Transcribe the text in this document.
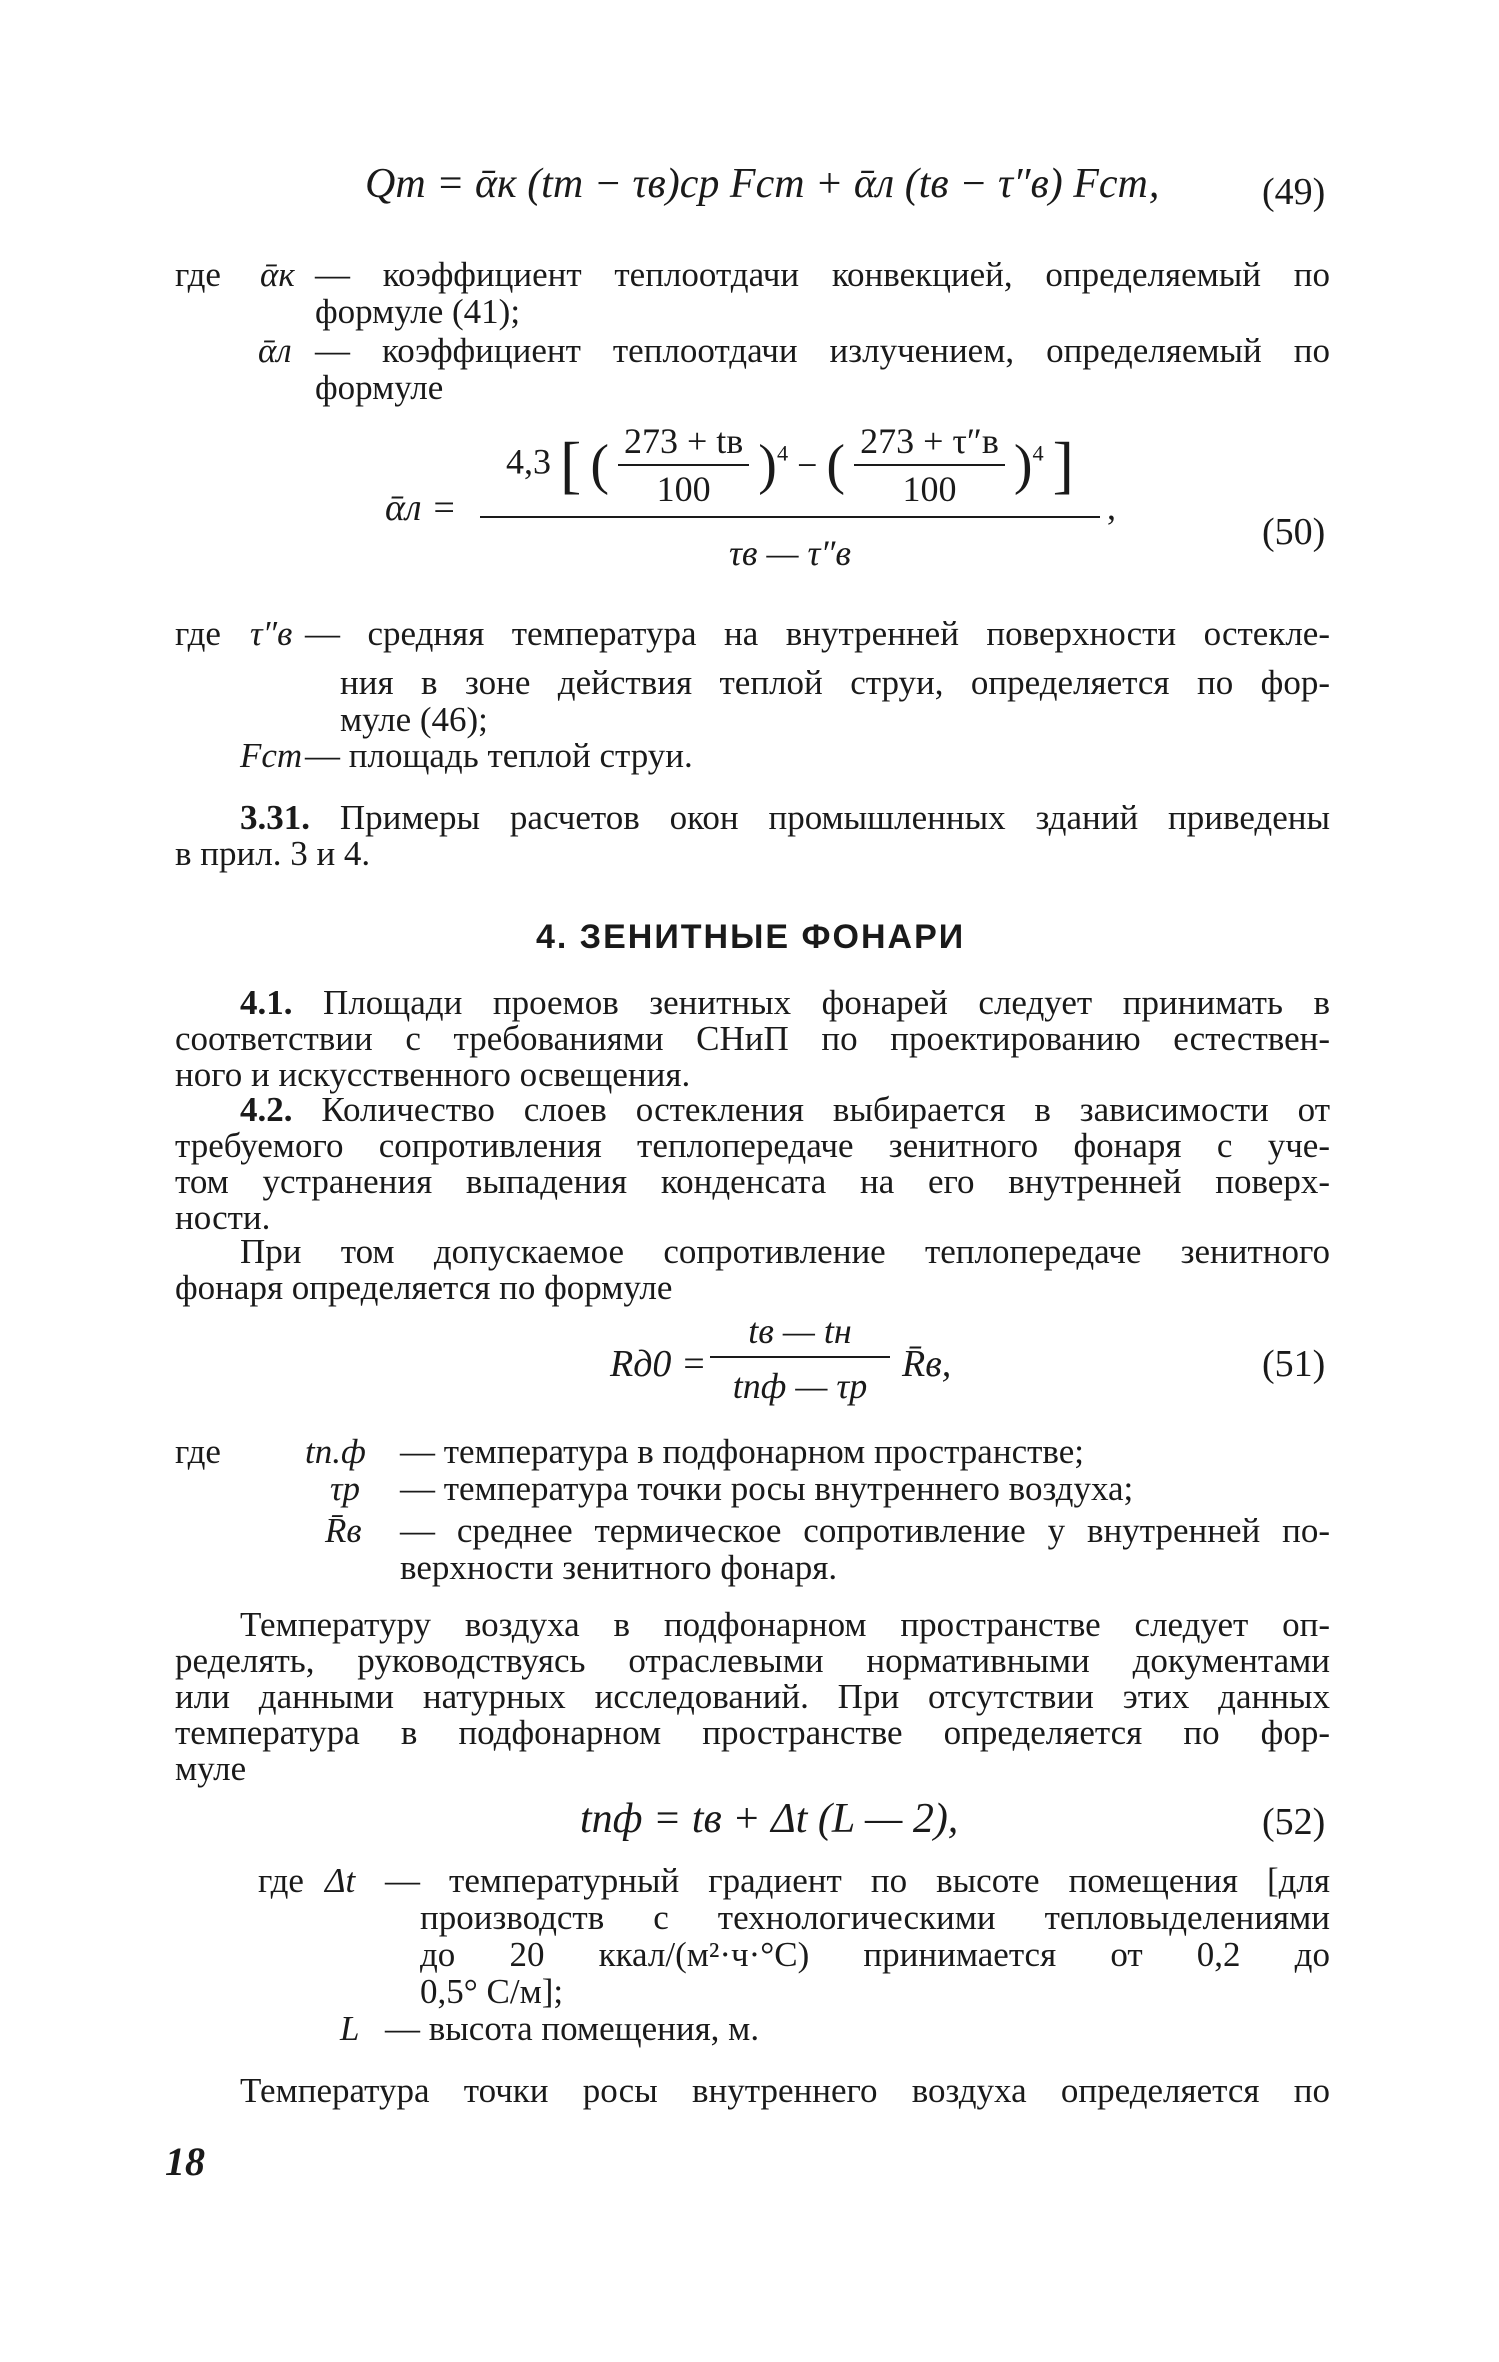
Qт = ᾱк (tm − τв)ср Fст + ᾱл (tв − τ″в) Fст,	(49)
где ᾱк — коэффициент теплоотдачи конвекцией, определяемый по
формуле (41);
ᾱл — коэффициент теплоотдачи излучением, определяемый по
формуле
ᾱл =
4,3 [ ( $\frac{273 + tв}{100} )^4$ − ( $\frac{273 + \tau''в}{100} )^4$ ]
τв — τ″в
,
(50)
где τ″в — средняя температура на внутренней поверхности остекле-
ния в зоне действия теплой струи, определяется по фор-
муле (46);
Fст — площадь теплой струи.
3.31. Примеры расчетов окон промышленных зданий приведены
в прил. 3 и 4.
4. ЗЕНИТНЫЕ ФОНАРИ
4.1. Площади проемов зенитных фонарей следует принимать в
соответствии с требованиями СНиП по проектированию естествен-
ного и искусственного освещения.
4.2. Количество слоев остекления выбирается в зависимости от
требуемого сопротивления теплопередаче зенитного фонаря с уче-
том устранения выпадения конденсата на его внутренней поверх-
ности.
При том допускаемое сопротивление теплопередаче зенитного
фонаря определяется по формуле
Rд0 =
tв — tн
tпф — τр
R̄в,	(51)
где tп.ф — температура в подфонарном пространстве;
τр — температура точки росы внутреннего воздуха;
R̄в — среднее термическое сопротивление у внутренней по-
верхности зенитного фонаря.
Температуру воздуха в подфонарном пространстве следует оп-
ределять, руководствуясь отраслевыми нормативными документами
или данными натурных исследований. При отсутствии этих данных
температура в подфонарном пространстве определяется по фор-
муле
tпф = tв + Δt (L — 2),	(52)
где Δt — температурный градиент по высоте помещения [для
производств с технологическими тепловыделениями
до 20 ккал/(м²·ч·°С) принимается от 0,2 до
0,5° С/м];
L — высота помещения, м.
Температура точки росы внутреннего воздуха определяется по
18
